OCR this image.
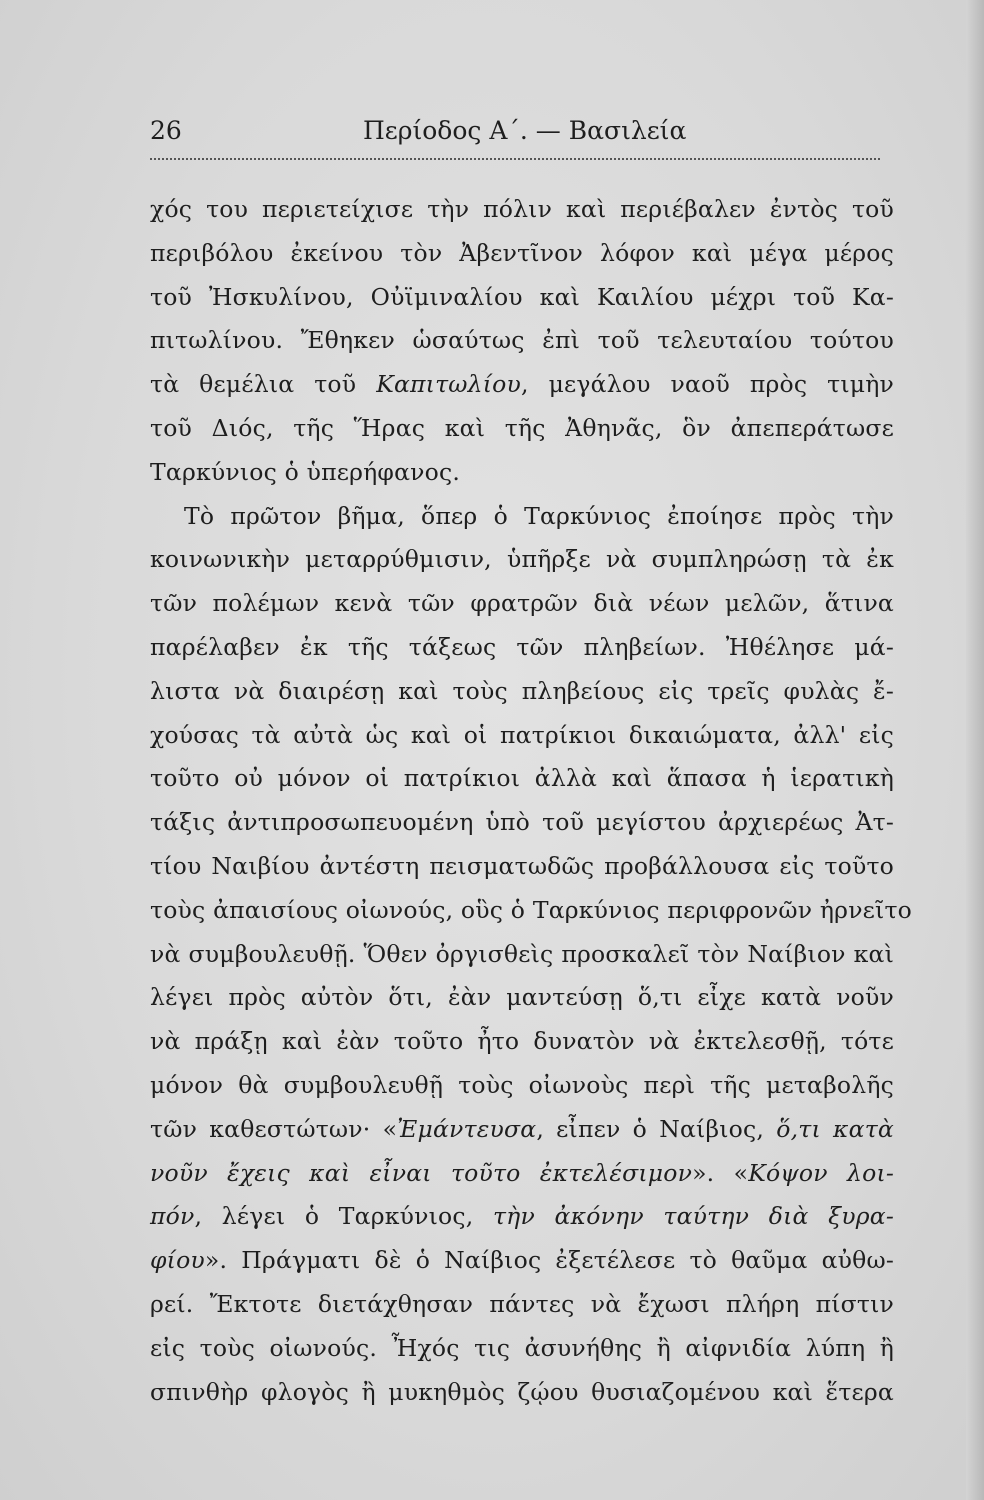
26	Περίοδος Α΄. — Βασιλεία
χός του περιετείχισε τὴν πόλιν καὶ περιέβαλεν ἐντὸς τοῦ
περιβόλου ἐκείνου τὸν Ἀβεντῖνον λόφον καὶ μέγα μέρος
τοῦ Ἠσκυλίνου, Οὐϊμιναλίου καὶ Καιλίου μέχρι τοῦ Κα-
πιτωλίνου. Ἔθηκεν ὡσαύτως ἐπὶ τοῦ τελευταίου τούτου
τὰ θεμέλια τοῦ Καπιτωλίου, μεγάλου ναοῦ πρὸς τιμὴν
τοῦ Διός, τῆς Ἥρας καὶ τῆς Ἀθηνᾶς, ὃν ἀπεπεράτωσε
Ταρκύνιος ὁ ὑπερήφανος.
Τὸ πρῶτον βῆμα, ὅπερ ὁ Ταρκύνιος ἐποίησε πρὸς τὴν
κοινωνικὴν μεταρρύθμισιν, ὑπῆρξε νὰ συμπληρώσῃ τὰ ἐκ
τῶν πολέμων κενὰ τῶν φρατρῶν διὰ νέων μελῶν, ἅτινα
παρέλαβεν ἐκ τῆς τάξεως τῶν πληβείων. Ἠθέλησε μά-
λιστα νὰ διαιρέσῃ καὶ τοὺς πληβείους εἰς τρεῖς φυλὰς ἔ-
χούσας τὰ αὐτὰ ὡς καὶ οἱ πατρίκιοι δικαιώματα, ἀλλ' εἰς
τοῦτο οὐ μόνον οἱ πατρίκιοι ἀλλὰ καὶ ἅπασα ἡ ἱερατικὴ
τάξις ἀντιπροσωπευομένη ὑπὸ τοῦ μεγίστου ἀρχιερέως Ἀτ-
τίου Ναιβίου ἀντέστη πεισματωδῶς προβάλλουσα εἰς τοῦτο
τοὺς ἀπαισίους οἰωνούς, οὓς ὁ Ταρκύνιος περιφρονῶν ἠρνεῖτο
νὰ συμβουλευθῇ. Ὅθεν ὀργισθεὶς προσκαλεῖ τὸν Ναίβιον καὶ
λέγει πρὸς αὐτὸν ὅτι, ἐὰν μαντεύσῃ ὅ,τι εἶχε κατὰ νοῦν
νὰ πράξῃ καὶ ἐὰν τοῦτο ἦτο δυνατὸν νὰ ἐκτελεσθῇ, τότε
μόνον θὰ συμβουλευθῇ τοὺς οἰωνοὺς περὶ τῆς μεταβολῆς
τῶν καθεστώτων· «Ἐμάντευσα, εἶπεν ὁ Ναίβιος, ὅ,τι κατὰ
νοῦν ἔχεις καὶ εἶναι τοῦτο ἐκτελέσιμον». «Κόψον λοι-
πόν, λέγει ὁ Ταρκύνιος, τὴν ἀκόνην ταύτην διὰ ξυρα-
φίου». Πράγματι δὲ ὁ Ναίβιος ἐξετέλεσε τὸ θαῦμα αὐθω-
ρεί. Ἔκτοτε διετάχθησαν πάντες νὰ ἔχωσι πλήρη πίστιν
εἰς τοὺς οἰωνούς. Ἦχός τις ἀσυνήθης ἢ αἰφνιδία λύπη ἢ
σπινθὴρ φλογὸς ἢ μυκηθμὸς ζῴου θυσιαζομένου καὶ ἕτερα
